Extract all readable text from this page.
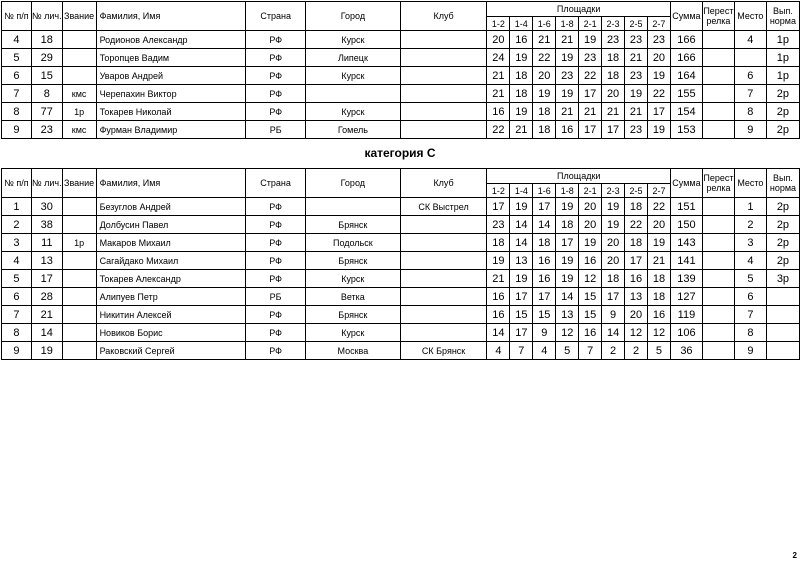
№ п/п	№ лич.	Звание	Фамилия, Имя	Страна	Город	Клуб	Площадки								Сумма	Перест релка	Место	Вып. норма
							1-2	1-4	1-6	1-8	2-1	2-3	2-5	2-7				
4	18		Родионов Александр	РФ	Курск		20	16	21	21	19	23	23	23	166		4	1р
5	29		Торопцев Вадим	РФ	Липецк		24	19	22	19	23	18	21	20	166			1р
6	15		Уваров Андрей	РФ	Курск		21	18	20	23	22	18	23	19	164		6	1р
7	8	кмс	Черепахин Виктор	РФ			21	18	19	19	17	20	19	22	155		7	2р
8	77	1р	Токарев Николай	РФ	Курск		16	19	18	21	21	21	21	17	154		8	2р
9	23	кмс	Фурман Владимир	РБ	Гомель		22	21	18	16	17	17	23	19	153		9	2р
категория С
№ п/п	№ лич.	Звание	Фамилия, Имя	Страна	Город	Клуб	Площадки								Сумма	Перест релка	Место	Вып. норма
							1-2	1-4	1-6	1-8	2-1	2-3	2-5	2-7				
1	30		Безуглов Андрей	РФ		СК Выстрел	17	19	17	19	20	19	18	22	151		1	2р
2	38		Долбусин Павел	РФ	Брянск		23	14	14	18	20	19	22	20	150		2	2р
3	11	1р	Макаров Михаил	РФ	Подольск		18	14	18	17	19	20	18	19	143		3	2р
4	13		Сагайдако Михаил	РФ	Брянск		19	13	16	19	16	20	17	21	141		4	2р
5	17		Токарев Александр	РФ	Курск		21	19	16	19	12	18	16	18	139		5	3р
6	28		Алипуев Петр	РБ	Ветка		16	17	17	14	15	17	13	18	127		6	
7	21		Никитин Алексей	РФ	Брянск		16	15	15	13	15	9	20	16	119		7	
8	14		Новиков Борис	РФ	Курск		14	17	9	12	16	14	12	12	106		8	
9	19		Раковский Сергей	РФ	Москва	СК Брянск	4	7	4	5	7	2	2	5	36		9	
2
